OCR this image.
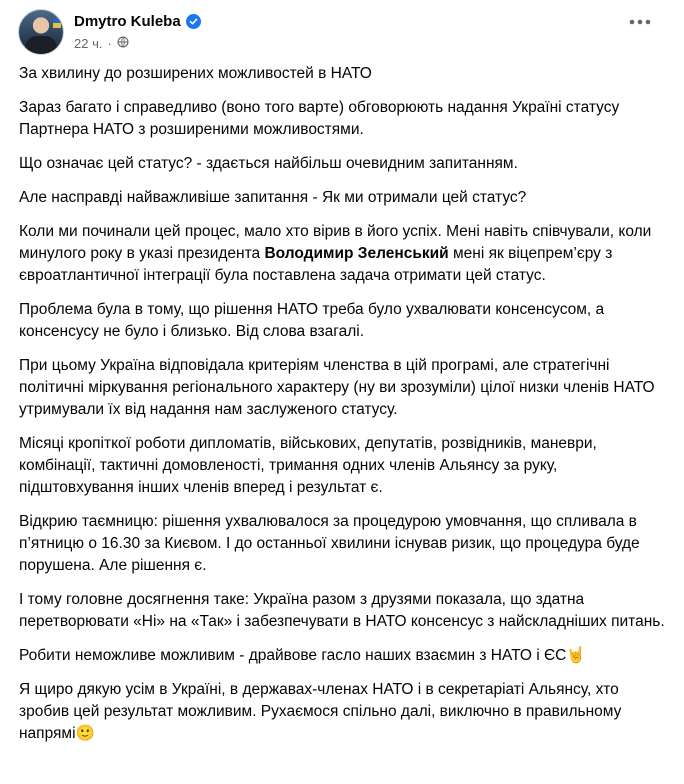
Dmytro Kuleba
22 ч. ·

За хвилину до розширених можливостей в НАТО

Зараз багато і справедливо (воно того варте) обговорюють надання Україні статусу Партнера НАТО з розширеними можливостями.

Що означає цей статус? - здається найбільш очевидним запитанням.

Але насправді найважливіше запитання - Як ми отримали цей статус?

Коли ми починали цей процес, мало хто вірив в його успіх. Мені навіть співчували, коли минулого року в указі президента Володимир Зеленський мені як віцепрем’єру з євроатлантичної інтеграції була поставлена задача отримати цей статус.

Проблема була в тому, що рішення НАТО треба було ухвалювати консенсусом, а консенсусу не було і близько. Від слова взагалі.

При цьому Україна відповідала критеріям членства в цій програмі, але стратегічні політичні міркування регіонального характеру (ну ви зрозуміли) цілої низки членів НАТО утримували їх від надання нам заслуженого статусу.

Місяці кропіткої роботи дипломатів, військових, депутатів, розвідників, маневри, комбінації, тактичні домовленості, тримання одних членів Альянсу за руку, підштовхування інших членів вперед і результат є.

Відкрию таємницю: рішення ухвалювалося за процедурою умовчання, що спливала в п’ятницю о 16.30 за Києвом. І до останньої хвилини існував ризик, що процедура буде порушена. Але рішення є.

І тому головне досягнення таке: Україна разом з друзями показала, що здатна перетворювати «Ні» на «Так» і забезпечувати в НАТО консенсус з найскладніших питань.

Робити неможливе можливим - драйвове гасло наших взаємин з НАТО і ЄС🤘

Я щиро дякую усім в Україні, в державах-членах НАТО і в секретаріаті Альянсу, хто зробив цей результат можливим. Рухаємося спільно далі, виключно в правильному напрямі🙂
